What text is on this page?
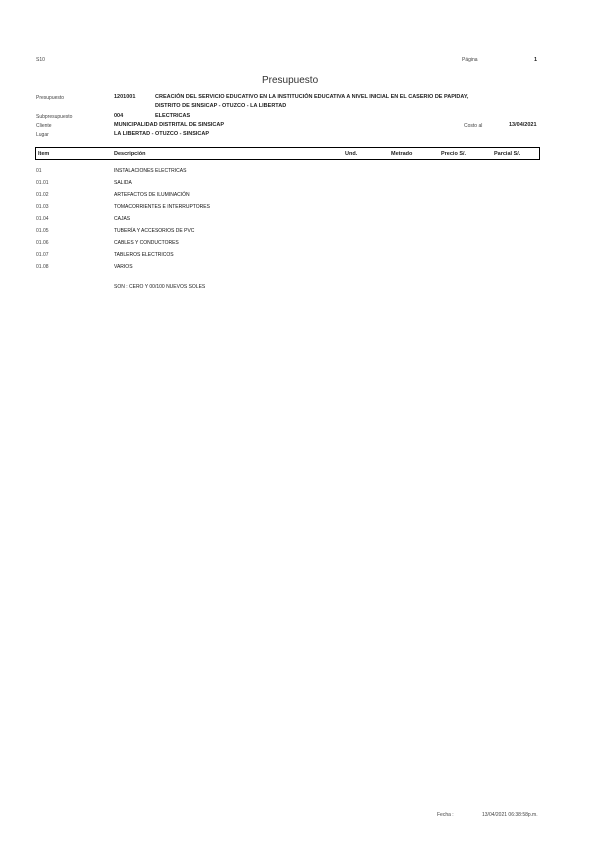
S10	Página	1
Presupuesto
Presupuesto	1201001	CREACIÓN DEL SERVICIO EDUCATIVO EN LA INSTITUCIÓN EDUCATIVA A NIVEL INICIAL EN EL CASERIO DE PAPIDAY,
DISTRITO DE SINSICAP - OTUZCO - LA LIBERTAD
Subpresupuesto	004	ELECTRICAS
Cliente	MUNICIPALIDAD DISTRITAL DE SINSICAP	Costo al	13/04/2021
Lugar	LA LIBERTAD - OTUZCO - SINSICAP
Item	Descripción	Und.	Metrado	Precio S/.	Parcial S/.
01	INSTALACIONES ELECTRICAS
01.01	SALIDA
01.02	ARTEFACTOS DE ILUMINACIÓN
01.03	TOMACORRIENTES E INTERRUPTORES
01.04	CAJAS
01.05	TUBERÍA Y ACCESORIOS DE PVC
01.06	CABLES Y CONDUCTORES
01.07	TABLEROS ELECTRICOS
01.08	VARIOS
SON : CERO Y 00/100 NUEVOS SOLES
Fecha :	13/04/2021 06:38:58p.m.
